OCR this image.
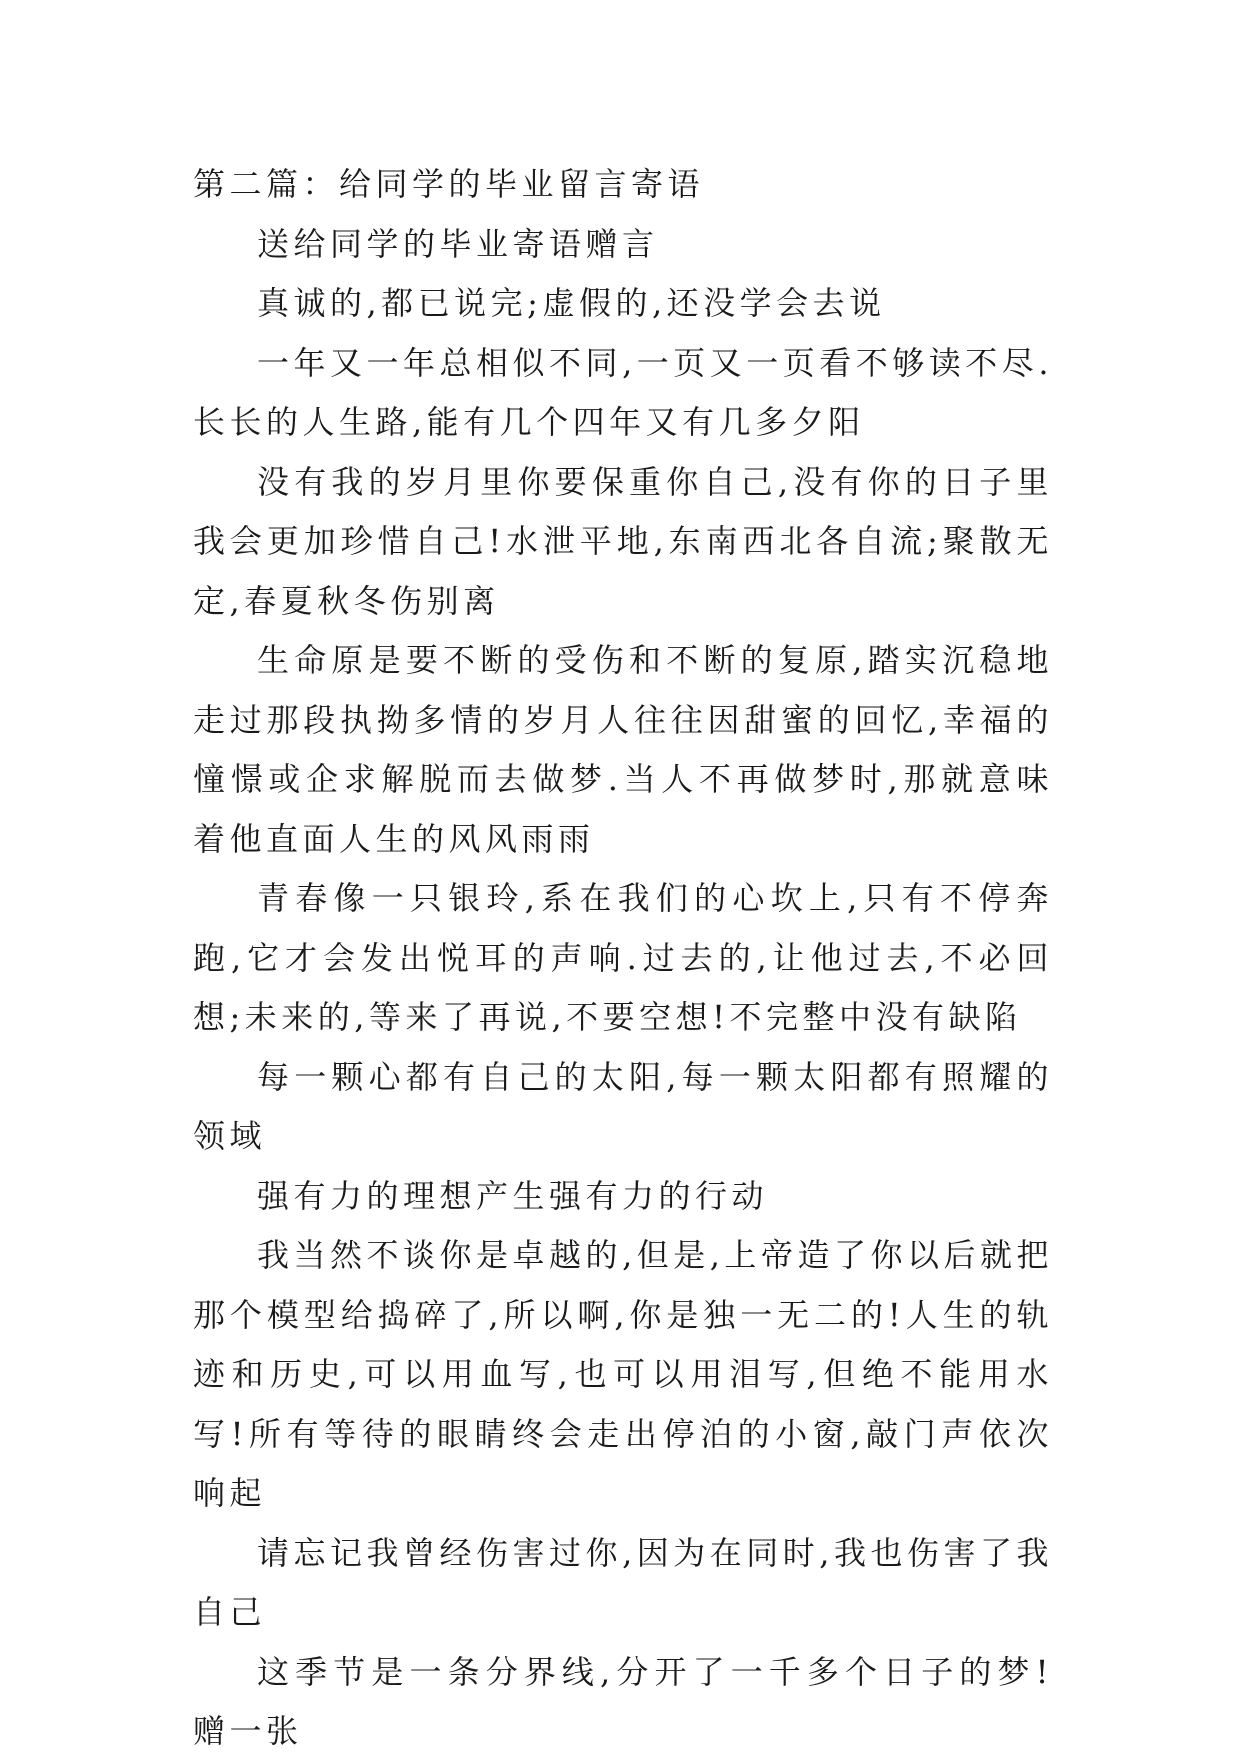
第二篇：给同学的毕业留言寄语

送给同学的毕业寄语赠言

真诚的,都已说完;虚假的,还没学会去说

一年又一年总相似不同,一页又一页看不够读不尽.长长的人生路,能有几个四年又有几多夕阳

没有我的岁月里你要保重你自己,没有你的日子里我会更加珍惜自己!水泄平地,东南西北各自流;聚散无定,春夏秋冬伤别离

生命原是要不断的受伤和不断的复原,踏实沉稳地走过那段执拗多情的岁月人往往因甜蜜的回忆,幸福的憧憬或企求解脱而去做梦.当人不再做梦时,那就意味着他直面人生的风风雨雨

青春像一只银玲,系在我们的心坎上,只有不停奔跑,它才会发出悦耳的声响.过去的,让他过去,不必回想;未来的,等来了再说,不要空想!不完整中没有缺陷

每一颗心都有自己的太阳,每一颗太阳都有照耀的领域

强有力的理想产生强有力的行动

我当然不谈你是卓越的,但是,上帝造了你以后就把那个模型给捣碎了,所以啊,你是独一无二的!人生的轨迹和历史,可以用血写,也可以用泪写,但绝不能用水写!所有等待的眼睛终会走出停泊的小窗,敲门声依次响起

请忘记我曾经伤害过你,因为在同时,我也伤害了我自己

这季节是一条分界线,分开了一千多个日子的梦!赠一张
